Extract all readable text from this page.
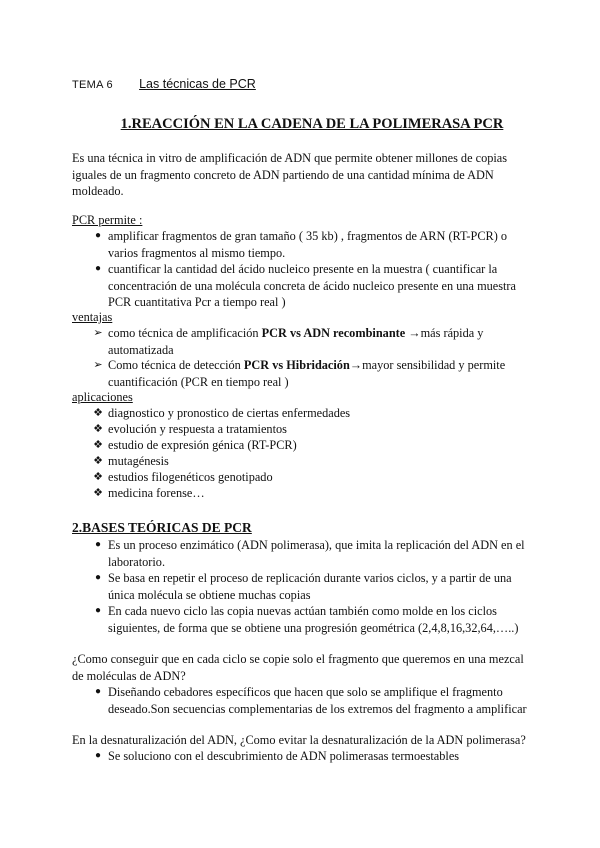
TEMA 6 Las técnicas de PCR
1.REACCIÓN EN LA CADENA DE LA POLIMERASA PCR
Es una técnica in vitro de amplificación de ADN que permite obtener millones de copias
iguales de un fragmento concreto de ADN partiendo de una cantidad mínima de ADN
moldeado.
PCR permite :
● amplificar fragmentos de gran tamaño ( 35 kb) , fragmentos de ARN (RT-PCR) o
varios fragmentos al mismo tiempo.
● cuantificar la cantidad del ácido nucleico presente en la muestra ( cuantificar la
concentración de una molécula concreta de ácido nucleico presente en una muestra
PCR cuantitativa Pcr a tiempo real )
ventajas
➢ como técnica de amplificación PCR vs ADN recombinante →más rápida y
automatizada
➢ Como técnica de detección PCR vs Hibridación→mayor sensibilidad y permite
cuantificación (PCR en tiempo real )
aplicaciones
❖ diagnostico y pronostico de ciertas enfermedades
❖ evolución y respuesta a tratamientos
❖ estudio de expresión génica (RT-PCR)
❖ mutagénesis
❖ estudios filogenéticos genotipado
❖ medicina forense…
2.BASES TEÓRICAS DE PCR
● Es un proceso enzimático (ADN polimerasa), que imita la replicación del ADN en el
laboratorio.
● Se basa en repetir el proceso de replicación durante varios ciclos, y a partir de una
única molécula se obtiene muchas copias
● En cada nuevo ciclo las copia nuevas actúan también como molde en los ciclos
siguientes, de forma que se obtiene una progresión geométrica (2,4,8,16,32,64,…..)
¿Como conseguir que en cada ciclo se copie solo el fragmento que queremos en una mezcal
de moléculas de ADN?
● Diseñando cebadores específicos que hacen que solo se amplifique el fragmento
deseado.Son secuencias complementarias de los extremos del fragmento a amplificar
En la desnaturalización del ADN, ¿Como evitar la desnaturalización de la ADN polimerasa?
● Se soluciono con el descubrimiento de ADN polimerasas termoestables
